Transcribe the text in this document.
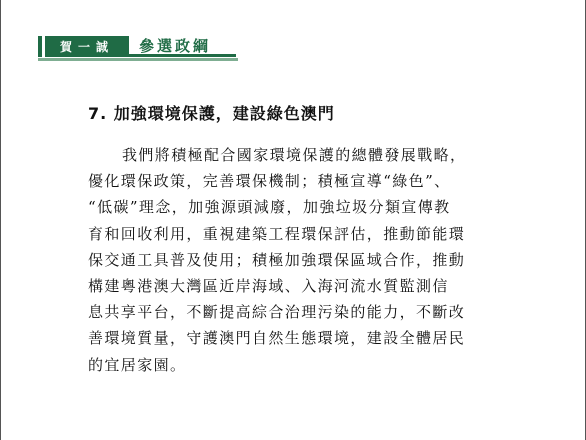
賀一誠 參選政綱
7. 加強環境保護，建設綠色澳門
我們將積極配合國家環境保護的總體發展戰略，
優化環保政策，完善環保機制；積極宣導“綠色”、
“低碳”理念，加強源頭減廢，加強垃圾分類宣傳教
育和回收利用，重視建築工程環保評估，推動節能環
保交通工具普及使用；積極加強環保區域合作，推動
構建粵港澳大灣區近岸海域、入海河流水質監測信
息共享平台，不斷提高綜合治理污染的能力，不斷改
善環境質量，守護澳門自然生態環境，建設全體居民
的宜居家園。
